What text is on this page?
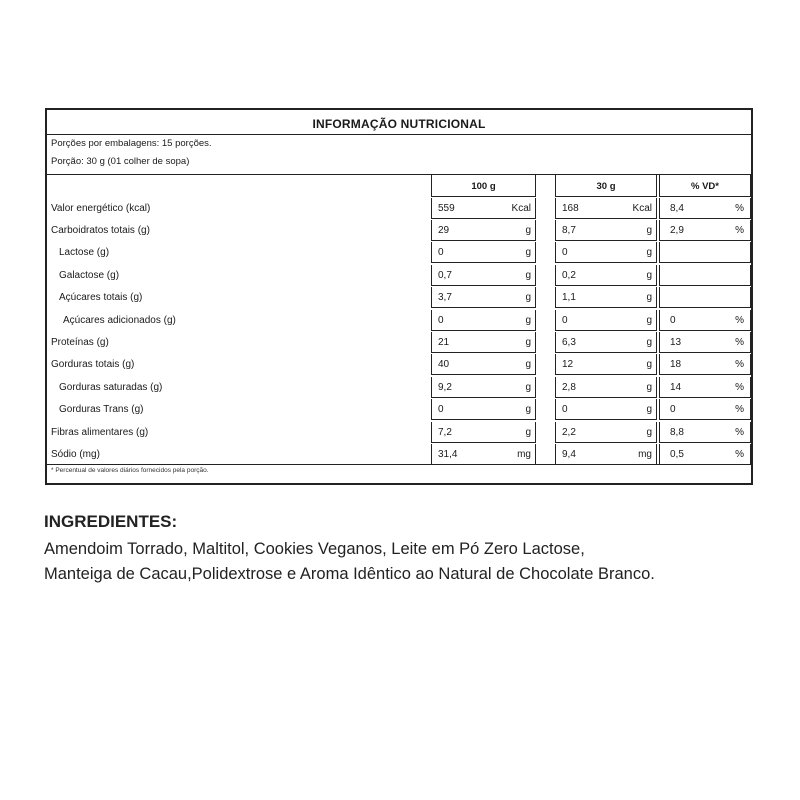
INFORMAÇÃO NUTRICIONAL
Porções por embalagens: 15 porções.
Porção: 30 g (01 colher de sopa)
100 g	30 g	% VD*
Valor energético (kcal)	559	Kcal	168	Kcal 8,4	%
Carboidratos totais (g)	29	g	8,7	g 2,9	%
Lactose (g)	0	g	0	g
Galactose (g)	0,7	g	0,2	g
Açúcares totais (g)	3,7	g	1,1	g
Açúcares adicionados (g)	0	g	0	g 0	%
Proteínas (g)	21	g	6,3	g 13	%
Gorduras totais (g)	40	g	12	g 18	%
Gorduras saturadas (g)	9,2	g	2,8	g 14	%
Gorduras Trans (g)	0	g	0	g 0	%
Fibras alimentares (g)	7,2	g	2,2	g 8,8	%
Sódio (mg)	31,4	mg	9,4	mg 0,5	%
* Percentual de valores diários fornecidos pela porção.
INGREDIENTES:
Amendoim Torrado, Maltitol, Cookies Veganos, Leite em Pó Zero Lactose,
Manteiga de Cacau,Polidextrose e Aroma Idêntico ao Natural de Chocolate Branco.
